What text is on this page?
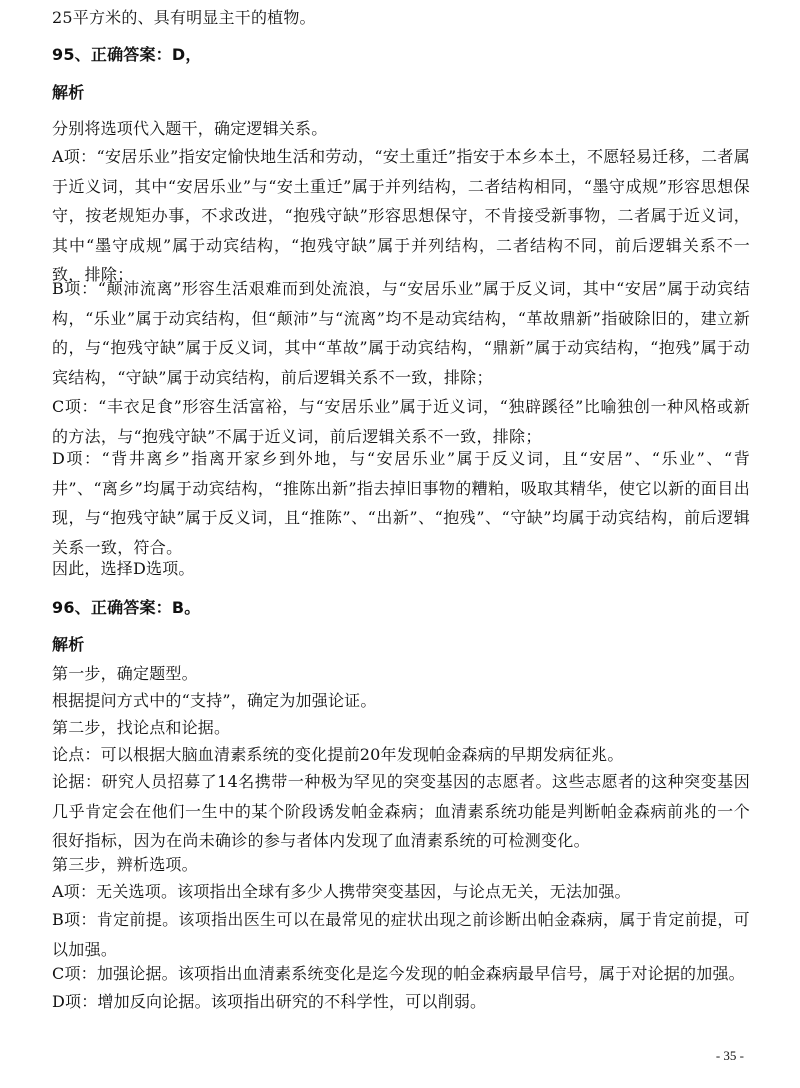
25平方米的、具有明显主干的植物。
95、正确答案：D，
解析
分别将选项代入题干，确定逻辑关系。
A项：“安居乐业”指安定愉快地生活和劳动，“安土重迁”指安于本乡本土，不愿轻易迁移，二者属于近义词，其中“安居乐业”与“安土重迁”属于并列结构，二者结构相同，“墨守成规”形容思想保守，按老规矩办事，不求改进，“抱残守缺”形容思想保守，不肯接受新事物，二者属于近义词，其中“墨守成规”属于动宾结构，“抱残守缺”属于并列结构，二者结构不同，前后逻辑关系不一致，排除；
B项：“颠沛流离”形容生活艰难而到处流浪，与“安居乐业”属于反义词，其中“安居”属于动宾结构，“乐业”属于动宾结构，但“颠沛”与“流离”均不是动宾结构，“革故鼎新”指破除旧的，建立新的，与“抱残守缺”属于反义词，其中“革故”属于动宾结构，“鼎新”属于动宾结构，“抱残”属于动宾结构，“守缺”属于动宾结构，前后逻辑关系不一致，排除；
C项：“丰衣足食”形容生活富裕，与“安居乐业”属于近义词，“独辟蹊径”比喻独创一种风格或新的方法，与“抱残守缺”不属于近义词，前后逻辑关系不一致，排除；
D项：“背井离乡”指离开家乡到外地，与“安居乐业”属于反义词，且“安居”、“乐业”、“背井”、“离乡”均属于动宾结构，“推陈出新”指去掉旧事物的糟粕，吸取其精华，使它以新的面目出现，与“抱残守缺”属于反义词，且“推陈”、“出新”、“抱残”、“守缺”均属于动宾结构，前后逻辑关系一致，符合。
因此，选择D选项。
96、正确答案：B。
解析
第一步，确定题型。
根据提问方式中的“支持”，确定为加强论证。
第二步，找论点和论据。
论点：可以根据大脑血清素系统的变化提前20年发现帕金森病的早期发病征兆。
论据：研究人员招募了14名携带一种极为罕见的突变基因的志愿者。这些志愿者的这种突变基因几乎肯定会在他们一生中的某个阶段诱发帕金森病；血清素系统功能是判断帕金森病前兆的一个很好指标，因为在尚未确诊的参与者体内发现了血清素系统的可检测变化。
第三步，辨析选项。
A项：无关选项。该项指出全球有多少人携带突变基因，与论点无关，无法加强。
B项：肯定前提。该项指出医生可以在最常见的症状出现之前诊断出帕金森病，属于肯定前提，可以加强。
C项：加强论据。该项指出血清素系统变化是迄今发现的帕金森病最早信号，属于对论据的加强。
D项：增加反向论据。该项指出研究的不科学性，可以削弱。
- 35 -
